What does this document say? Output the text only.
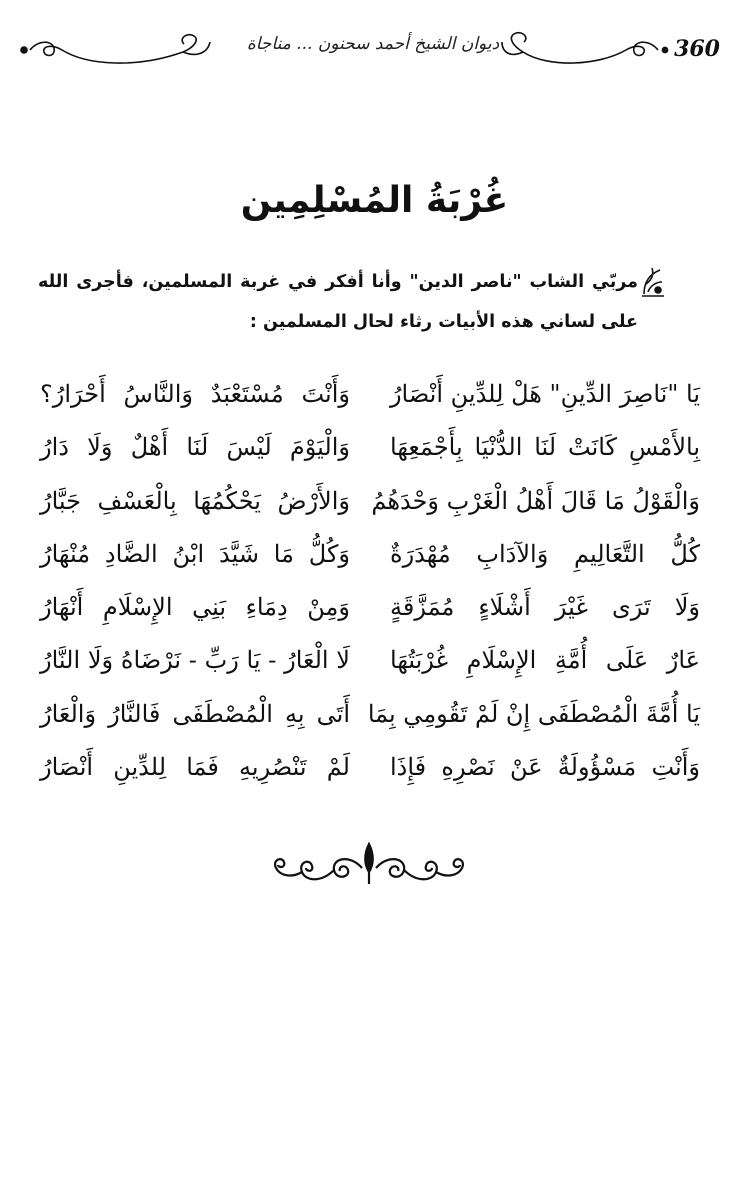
ديوان الشيخ أحمد سحنون ... مناجاة	360
غُرْبَةُ المُسْلِمِين
مربّي الشاب "ناصر الدين" وأنا أفكر في غربة المسلمين، فأجرى الله على لساني هذه الأبيات رثاء لحال المسلمين :
يَا "نَاصِرَ الدِّينِ" هَلْ لِلدِّينِ أَنْصَارُ
وَأَنْتَ مُسْتَعْبَدٌ وَالنَّاسُ أَحْرَارُ؟
بِالأَمْسِ كَانَتْ لَنَا الدُّنْيَا بِأَجْمَعِهَا
وَالْيَوْمَ لَيْسَ لَنَا أَهْلٌ وَلَا دَارُ
وَالْقَوْلُ مَا قَالَ أَهْلُ الْغَرْبِ وَحْدَهُمُ
وَالأَرْضُ يَحْكُمُهَا بِالْعَسْفِ جَبَّارُ
كُلُّ التَّعَالِيمِ وَالآدَابِ مُهْدَرَةٌ
وَكُلُّ مَا شَيَّدَ ابْنُ الضَّادِ مُنْهَارُ
وَلَا تَرَى غَيْرَ أَشْلَاءٍ مُمَزَّقَةٍ
وَمِنْ دِمَاءِ بَنِي الإِسْلَامِ أَنْهَارُ
عَارٌ عَلَى أُمَّةِ الإِسْلَامِ غُرْبَتُهَا
لَا الْعَارُ - يَا رَبِّ - نَرْضَاهُ وَلَا النَّارُ
يَا أُمَّةَ الْمُصْطَفَى إِنْ لَمْ تَقُومِي بِمَا
أَتَى بِهِ الْمُصْطَفَى فَالنَّارُ وَالْعَارُ
وَأَنْتِ مَسْؤُولَةٌ عَنْ نَصْرِهِ فَإِذَا
لَمْ تَنْصُرِيهِ فَمَا لِلدِّينِ أَنْصَارُ
